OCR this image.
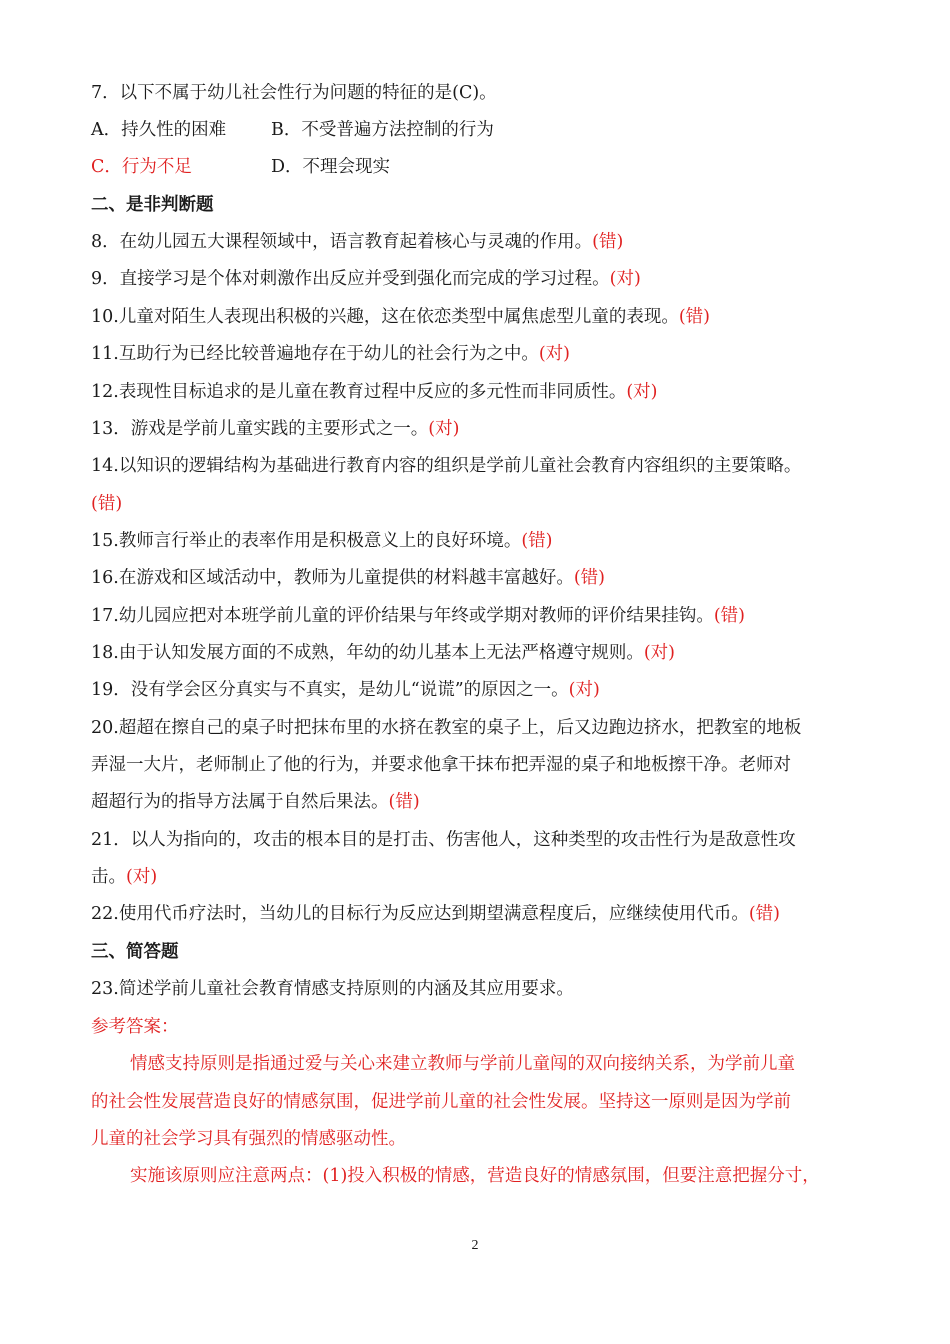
7．以下不属于幼儿社会性行为问题的特征的是(C)。
A．持久性的困难	B．不受普遍方法控制的行为
C．行为不足	D．不理会现实
二、是非判断题
8．在幼儿园五大课程领域中，语言教育起着核心与灵魂的作用。(错)
9．直接学习是个体对刺激作出反应并受到强化而完成的学习过程。(对)
10.儿童对陌生人表现出积极的兴趣，这在依恋类型中属焦虑型儿童的表现。(错)
11.互助行为已经比较普遍地存在于幼儿的社会行为之中。(对)
12.表现性目标追求的是儿童在教育过程中反应的多元性而非同质性。(对)
13．游戏是学前儿童实践的主要形式之一。(对)
14.以知识的逻辑结构为基础进行教育内容的组织是学前儿童社会教育内容组织的主要策略。
(错)
15.教师言行举止的表率作用是积极意义上的良好环境。(错)
16.在游戏和区域活动中，教师为儿童提供的材料越丰富越好。(错)
17.幼儿园应把对本班学前儿童的评价结果与年终或学期对教师的评价结果挂钩。(错)
18.由于认知发展方面的不成熟，年幼的幼儿基本上无法严格遵守规则。(对)
19．没有学会区分真实与不真实，是幼儿“说谎”的原因之一。(对)
20.超超在擦自己的桌子时把抹布里的水挤在教室的桌子上，后又边跑边挤水，把教室的地板
弄湿一大片，老师制止了他的行为，并要求他拿干抹布把弄湿的桌子和地板擦干净。老师对
超超行为的指导方法属于自然后果法。(错)
21．以人为指向的，攻击的根本目的是打击、伤害他人，这种类型的攻击性行为是敌意性攻
击。(对)
22.使用代币疗法时，当幼儿的目标行为反应达到期望满意程度后，应继续使用代币。(错)
三、简答题
23.简述学前儿童社会教育情感支持原则的内涵及其应用要求。
参考答案：
情感支持原则是指通过爱与关心来建立教师与学前儿童闯的双向接纳关系，为学前儿童
的社会性发展营造良好的情感氛围，促进学前儿童的社会性发展。坚持这一原则是因为学前
儿童的社会学习具有强烈的情感驱动性。
实施该原则应注意两点：(1)投入积极的情感，营造良好的情感氛围，但要注意把握分寸，
2
